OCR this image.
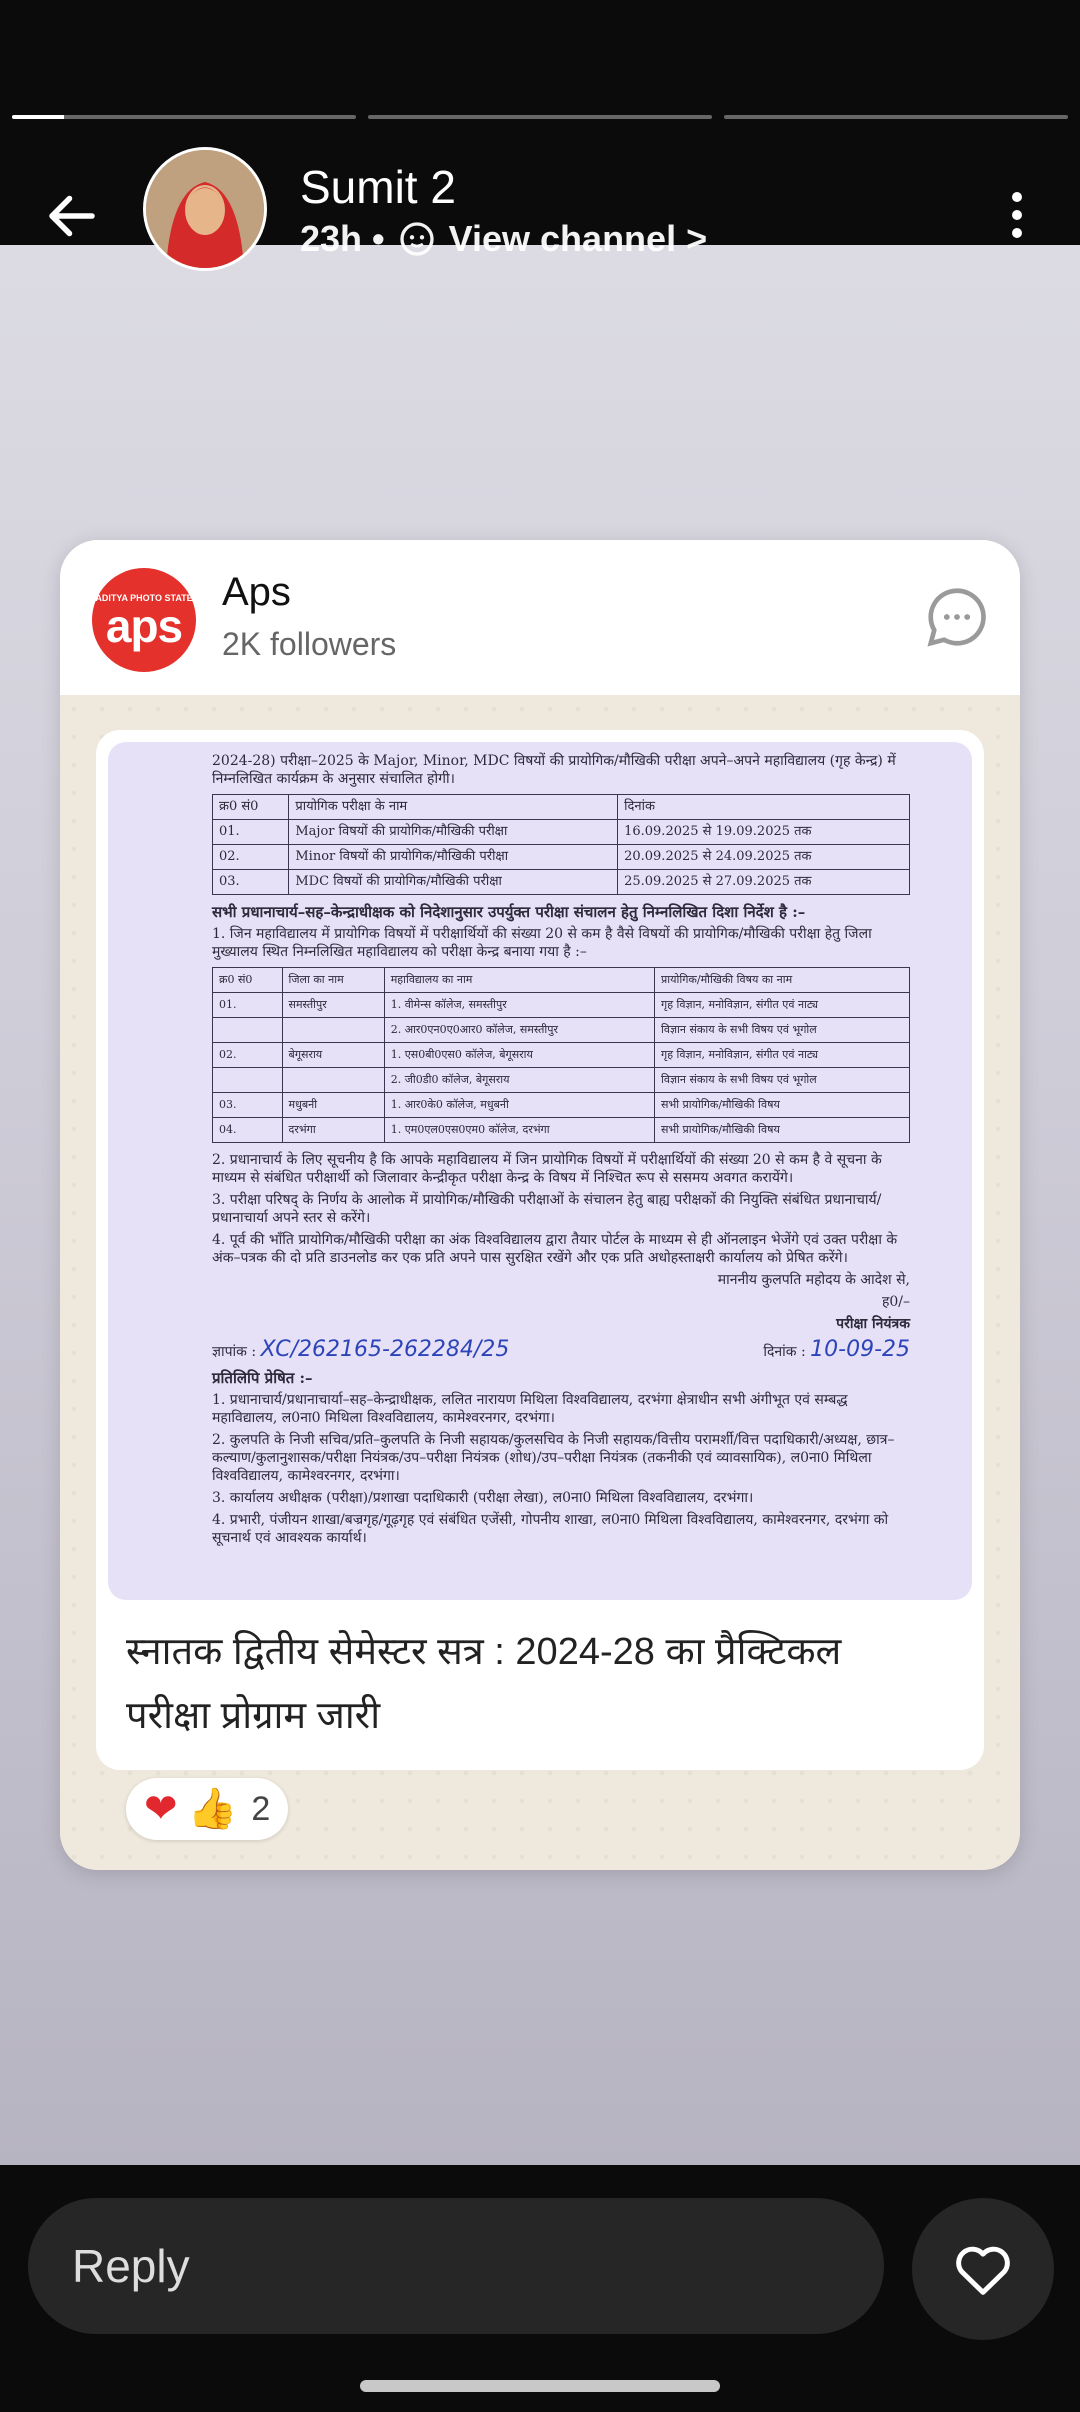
Sumit 2
23h • View channel >
ADITYA PHOTO STATE
aps
Aps
2K followers

2024-28) परीक्षा–2025 के Major, Minor, MDC विषयों की प्रायोगिक/मौखिकी परीक्षा अपने–अपने महाविद्यालय (गृह केन्द्र) में निम्नलिखित कार्यक्रम के अनुसार संचालित होगी।

क्र0 सं0	प्रायोगिक परीक्षा के नाम	दिनांक
01.	Major विषयों की प्रायोगिक/मौखिकी परीक्षा	16.09.2025 से 19.09.2025 तक
02.	Minor विषयों की प्रायोगिक/मौखिकी परीक्षा	20.09.2025 से 24.09.2025 तक
03.	MDC विषयों की प्रायोगिक/मौखिकी परीक्षा	25.09.2025 से 27.09.2025 तक

सभी प्रधानाचार्य–सह–केन्द्राधीक्षक को निदेशानुसार उपर्युक्त परीक्षा संचालन हेतु निम्नलिखित दिशा निर्देश है :–

1. जिन महाविद्यालय में प्रायोगिक विषयों में परीक्षार्थियों की संख्या 20 से कम है वैसे विषयों की प्रायोगिक/मौखिकी परीक्षा हेतु जिला मुख्यालय स्थित निम्नलिखित महाविद्यालय को परीक्षा केन्द्र बनाया गया है :–

क्र0 सं0	जिला का नाम	महाविद्यालय का नाम	प्रायोगिक/मौखिकी विषय का नाम
01.	समस्तीपुर	1. वीमेन्स कॉलेज, समस्तीपुर	गृह विज्ञान, मनोविज्ञान, संगीत एवं नाट्य
		2. आर0एन0ए0आर0 कॉलेज, समस्तीपुर	विज्ञान संकाय के सभी विषय एवं भूगोल
02.	बेगूसराय	1. एस0बी0एस0 कॉलेज, बेगूसराय	गृह विज्ञान, मनोविज्ञान, संगीत एवं नाट्य
		2. जी0डी0 कॉलेज, बेगूसराय	विज्ञान संकाय के सभी विषय एवं भूगोल
03.	मधुबनी	1. आर0के0 कॉलेज, मधुबनी	सभी प्रायोगिक/मौखिकी विषय
04.	दरभंगा	1. एम0एल0एस0एम0 कॉलेज, दरभंगा	सभी प्रायोगिक/मौखिकी विषय

2. प्रधानाचार्य के लिए सूचनीय है कि आपके महाविद्यालय में जिन प्रायोगिक विषयों में परीक्षार्थियों की संख्या 20 से कम है वे सूचना के माध्यम से संबंधित परीक्षार्थी को जिलावार केन्द्रीकृत परीक्षा केन्द्र के विषय में निश्चित रूप से ससमय अवगत करायेंगे।

3. परीक्षा परिषद् के निर्णय के आलोक में प्रायोगिक/मौखिकी परीक्षाओं के संचालन हेतु बाह्य परीक्षकों की नियुक्ति संबंधित प्रधानाचार्य/प्रधानाचार्या अपने स्तर से करेंगे।

4. पूर्व की भाँति प्रायोगिक/मौखिकी परीक्षा का अंक विश्वविद्यालय द्वारा तैयार पोर्टल के माध्यम से ही ऑनलाइन भेजेंगे एवं उक्त परीक्षा के अंक–पत्रक की दो प्रति डाउनलोड कर एक प्रति अपने पास सुरक्षित रखेंगे और एक प्रति अधोहस्ताक्षरी कार्यालय को प्रेषित करेंगे।

माननीय कुलपति महोदय के आदेश से,

ह0/–

परीक्षा नियंत्रक

ज्ञापांक : XC/262165-262284/25	दिनांक : 10-09-25

प्रतिलिपि प्रेषित :–

1. प्रधानाचार्य/प्रधानाचार्या–सह–केन्द्राधीक्षक, ललित नारायण मिथिला विश्वविद्यालय, दरभंगा क्षेत्राधीन सभी अंगीभूत एवं सम्बद्ध महाविद्यालय, ल0ना0 मिथिला विश्वविद्यालय, कामेश्वरनगर, दरभंगा।

2. कुलपति के निजी सचिव/प्रति–कुलपति के निजी सहायक/कुलसचिव के निजी सहायक/वित्तीय परामर्शी/वित्त पदाधिकारी/अध्यक्ष, छात्र–कल्याण/कुलानुशासक/परीक्षा नियंत्रक/उप–परीक्षा नियंत्रक (शोध)/उप–परीक्षा नियंत्रक (तकनीकी एवं व्यावसायिक), ल0ना0 मिथिला विश्वविद्यालय, कामेश्वरनगर, दरभंगा।

3. कार्यालय अधीक्षक (परीक्षा)/प्रशाखा पदाधिकारी (परीक्षा लेखा), ल0ना0 मिथिला विश्वविद्यालय, दरभंगा।

4. प्रभारी, पंजीयन शाखा/बज्रगृह/गूढ़गृह एवं संबंधित एजेंसी, गोपनीय शाखा, ल0ना0 मिथिला विश्वविद्यालय, कामेश्वरनगर, दरभंगा को सूचनार्थ एवं आवश्यक कार्यार्थ।

स्नातक द्वितीय सेमेस्टर सत्र : 2024-28 का प्रैक्टिकल
परीक्षा प्रोग्राम जारी
❤ 👍 2
Reply
